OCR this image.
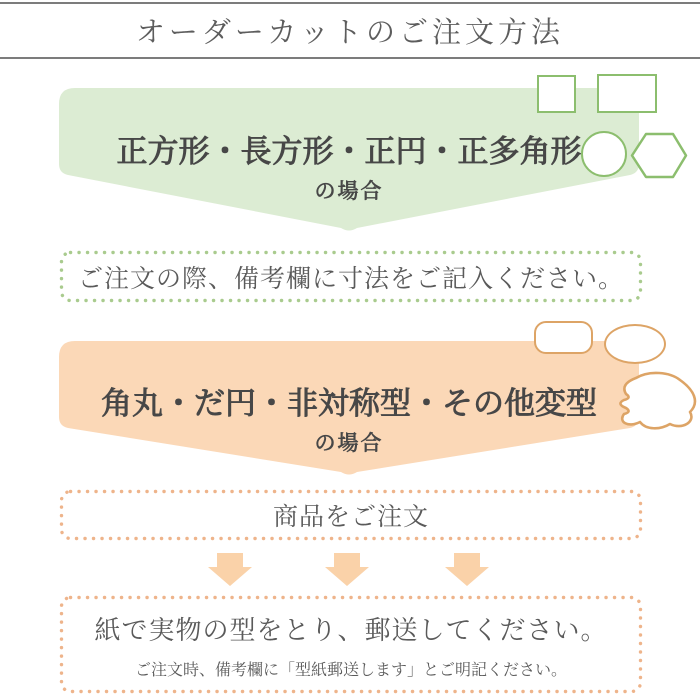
オーダーカットのご注文方法
正方形・長方形・正円・正多角形
の場合
ご注文の際、備考欄に寸法をご記入ください。
角丸・だ円・非対称型・その他変型
の場合
商品をご注文
紙で実物の型をとり、郵送してください。
ご注文時、備考欄に「型紙郵送します」とご明記ください。
